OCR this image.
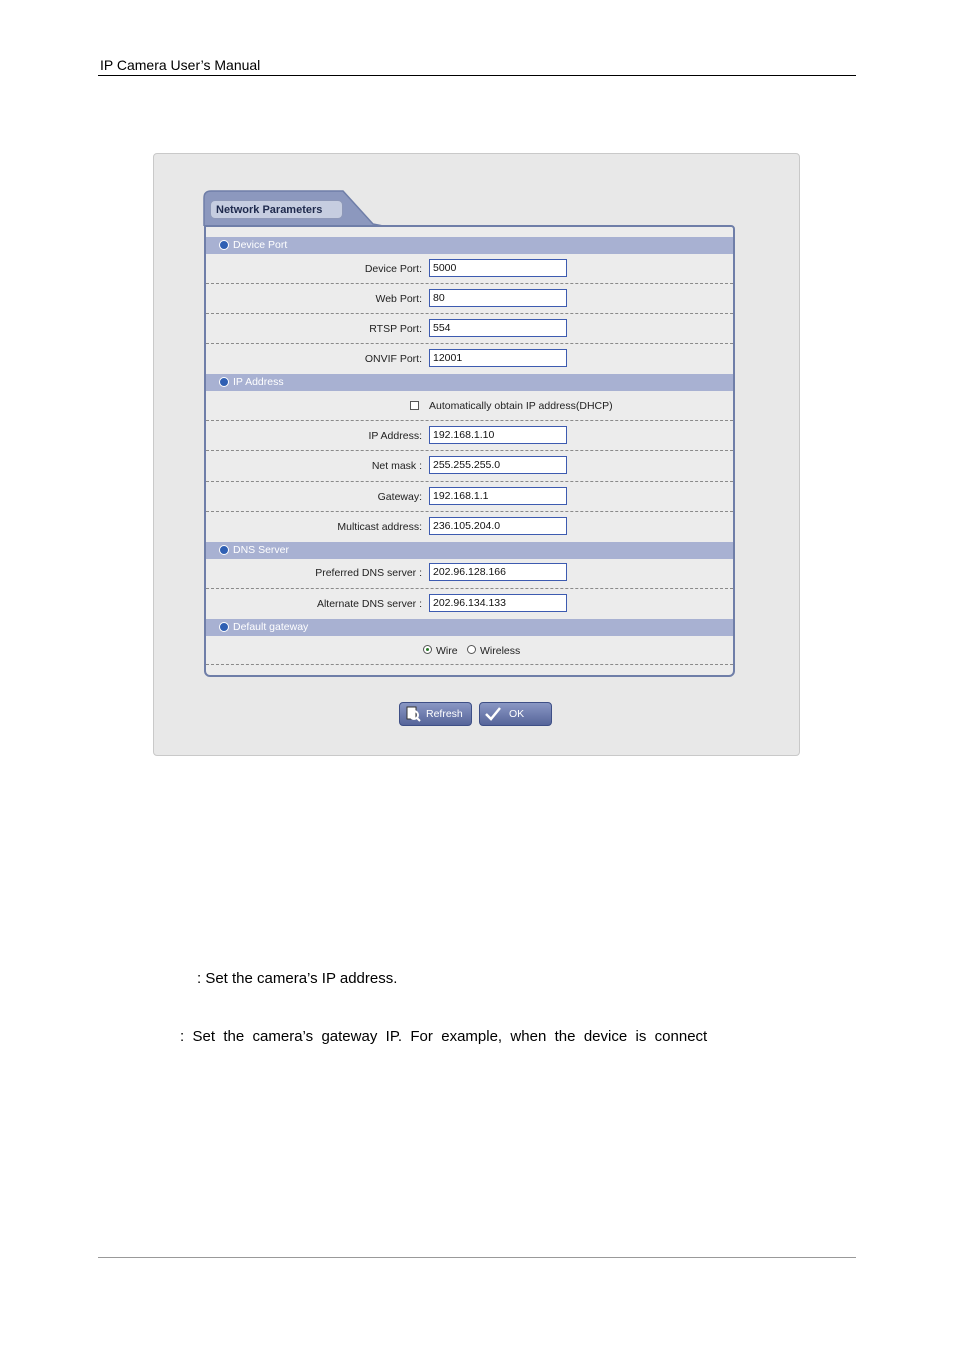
IP Camera User’s Manual
Network Parameters
Device Port
Device Port:
5000
Web Port:
80
RTSP Port:
554
ONVIF Port:
12001
IP Address
Automatically obtain IP address(DHCP)
IP Address:
192.168.1.10
Net mask :
255.255.255.0
Gateway:
192.168.1.1
Multicast address:
236.105.204.0
DNS Server
Preferred DNS server :
202.96.128.166
Alternate DNS server :
202.96.134.133
Default gateway
Wire Wireless
Refresh	OK
: Set the camera’s IP address.
:  Set  the  camera’s  gateway  IP.  For  example,  when  the  device  is  connect
